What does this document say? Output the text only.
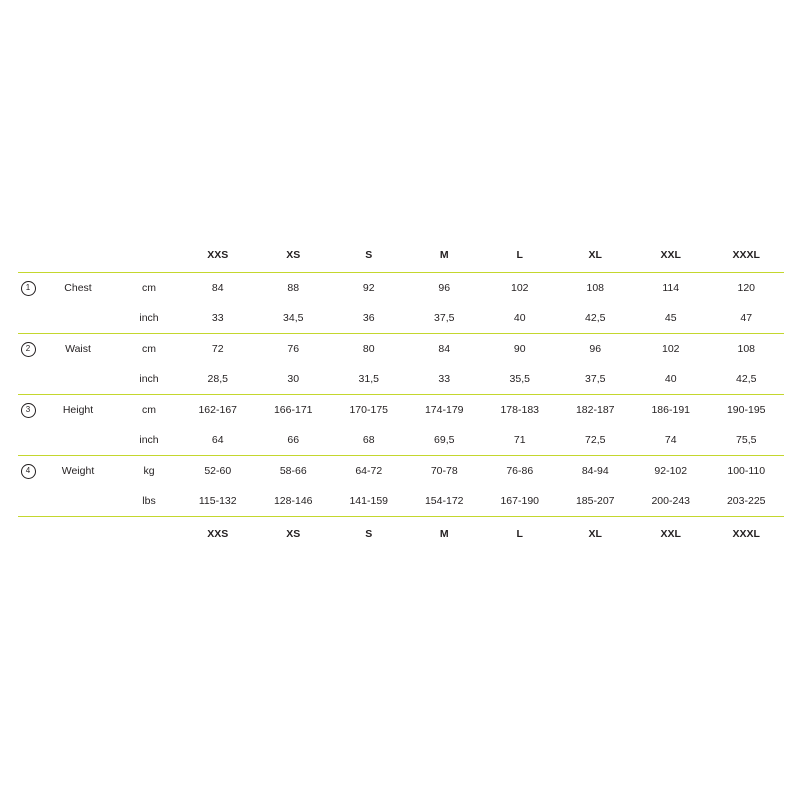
			XXS	XS	S	M	L	XL	XXL	XXXL
1	Chest	cm	84	88	92	96	102	108	114	120
		inch	33	34,5	36	37,5	40	42,5	45	47
2	Waist	cm	72	76	80	84	90	96	102	108
		inch	28,5	30	31,5	33	35,5	37,5	40	42,5
3	Height	cm	162-167	166-171	170-175	174-179	178-183	182-187	186-191	190-195
		inch	64	66	68	69,5	71	72,5	74	75,5
4	Weight	kg	52-60	58-66	64-72	70-78	76-86	84-94	92-102	100-110
		lbs	115-132	128-146	141-159	154-172	167-190	185-207	200-243	203-225
			XXS	XS	S	M	L	XL	XXL	XXXL
